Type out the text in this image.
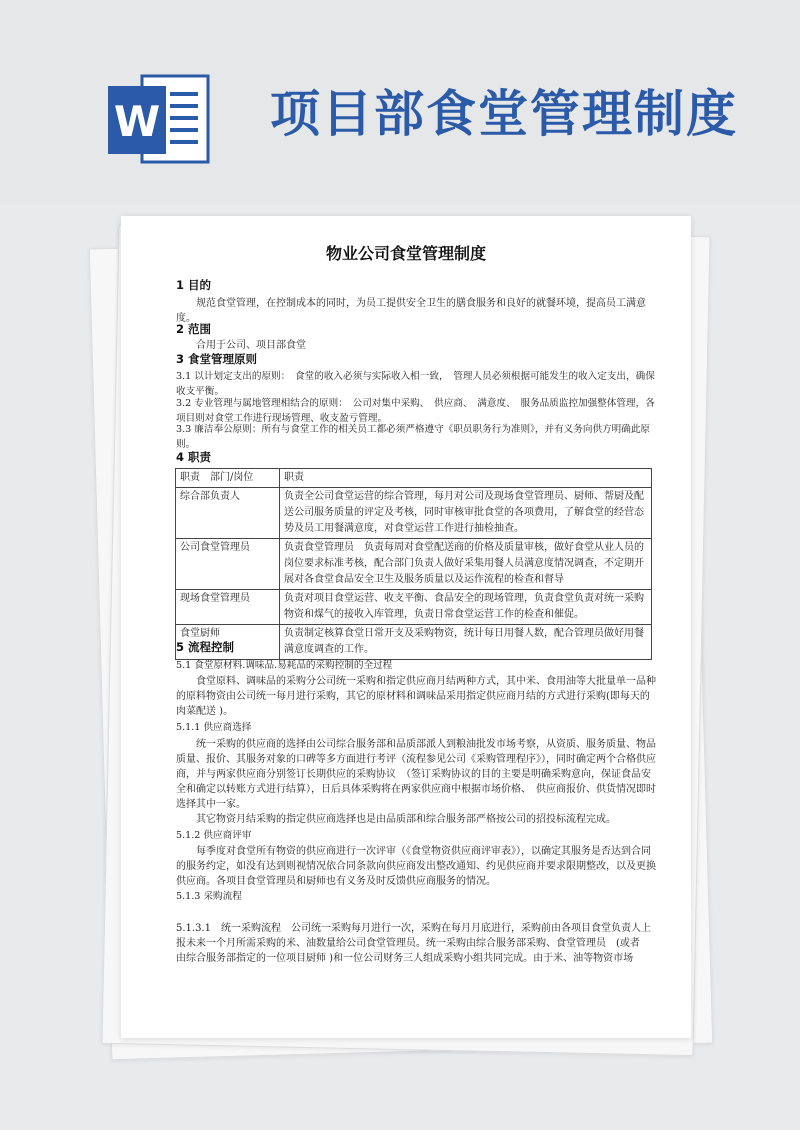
W 项目部食堂管理制度
物业公司食堂管理制度
1 目的
规范食堂管理，在控制成本的同时，为员工提供安全卫生的膳食服务和良好的就餐环境，提高员工满意度。
2 范围
合用于公司、项目部食堂
3 食堂管理原则
3.1 以计划定支出的原则：　食堂的收入必须与实际收入相一致，　管理人员必须根据可能发生的收入定支出，确保收支平衡。
3.2 专业管理与属地管理相结合的原则：　公司对集中采购、　供应商、　满意度、　服务品质监控加强整体管理，各项目则对食堂工作进行现场管理、收支盈亏管理。
3.3 廉洁奉公原则：所有与食堂工作的相关员工都必须严格遵守《职员职务行为准则》，并有义务向供方明确此原则。
4 职责
职责　部门/岗位	职责
综合部负责人	负责全公司食堂运营的综合管理，每月对公司及现场食堂管理员、厨师、帮厨及配送公司服务质量的评定及考核，同时审核审批食堂的各项费用，了解食堂的经营态势及员工用餐满意度，对食堂运营工作进行抽检抽查。
公司食堂管理员	负责食堂管理员　负责每周对食堂配送商的价格及质量审核，做好食堂从业人员的岗位要求标准考核，配合部门负责人做好采集用餐人员满意度情况调查，不定期开展对各食堂食品安全卫生及服务质量以及运作流程的检查和督导
现场食堂管理员	负责对项目食堂运营、收支平衡、食品安全的现场管理，负责食堂负责对统一采购物资和煤气的接收入库管理，负责日常食堂运营工作的检查和催促。
食堂厨师	负责制定核算食堂日常开支及采购物资，统计每日用餐人数，配合管理员做好用餐满意度调查的工作。
5 流程控制
5.1 食堂原材料.调味品.易耗品的采购控制的全过程
食堂原料、调味品的采购分公司统一采购和指定供应商月结两种方式，其中米、食用油等大批量单一品种的原料物资由公司统一每月进行采购，其它的原材料和调味品采用指定供应商月结的方式进行采购(即每天的肉菜配送 )。
5.1.1 供应商选择
统一采购的供应商的选择由公司综合服务部和品质部派人到粮油批发市场考察，从资质、服务质量、物品质量、报价、其服务对象的口碑等多方面进行考评（流程参见公司《采购管理程序》），同时确定两个合格供应商，并与两家供应商分别签订长期供应的采购协议　（签订采购协议的目的主要是明确采购意向，保证食品安全和确定以转账方式进行结算），日后具体采购将在两家供应商中根据市场价格、　供应商报价、供货情况即时选择其中一家。
其它物资月结采购的指定供应商选择也是由品质部和综合服务部严格按公司的招投标流程完成。
5.1.2 供应商评审
每季度对食堂所有物资的供应商进行一次评审（《食堂物资供应商评审表》），以确定其服务是否达到合同的服务约定，如没有达到则视情况依合同条款向供应商发出整改通知、约见供应商并要求限期整改，以及更换供应商。各项目食堂管理员和厨师也有义务及时反馈供应商服务的情况。
5.1.3 采购流程
5.1.3.1　统一采购流程　公司统一采购每月进行一次，采购在每月月底进行，采购前由各项目食堂负责人上报未来一个月所需采购的米、油数量给公司食堂管理员。统一采购由综合服务部采购、食堂管理员　(或者　由综合服务部指定的一位项目厨师 )和一位公司财务三人组成采购小组共同完成。由于米、油等物资市场
